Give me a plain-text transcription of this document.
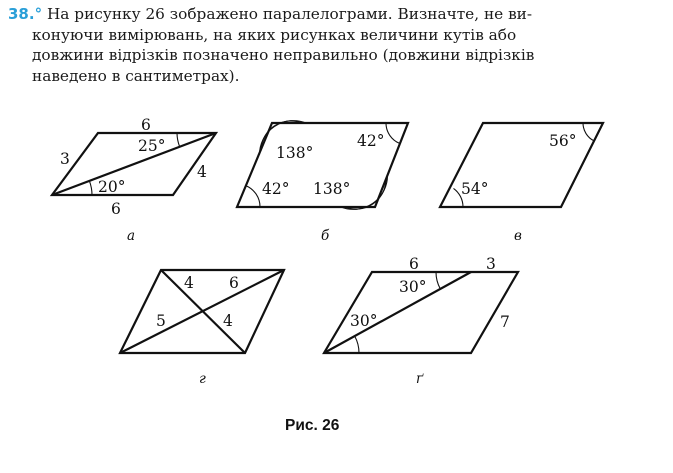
38.° На рисунку 26 зображено паралелограми. Визначте, не ви-
конуючи вимірювань, на яких рисунках величини кутів або
довжини відрізків позначено неправильно (довжини відрізків
наведено в сантиметрах).
6
3
25°
4
20°
6
а
138°
42°
42° 138°
б
56°
54°
в
4 6
5	4
г
6	3
30°
30°	7
ґ
Рис. 26
